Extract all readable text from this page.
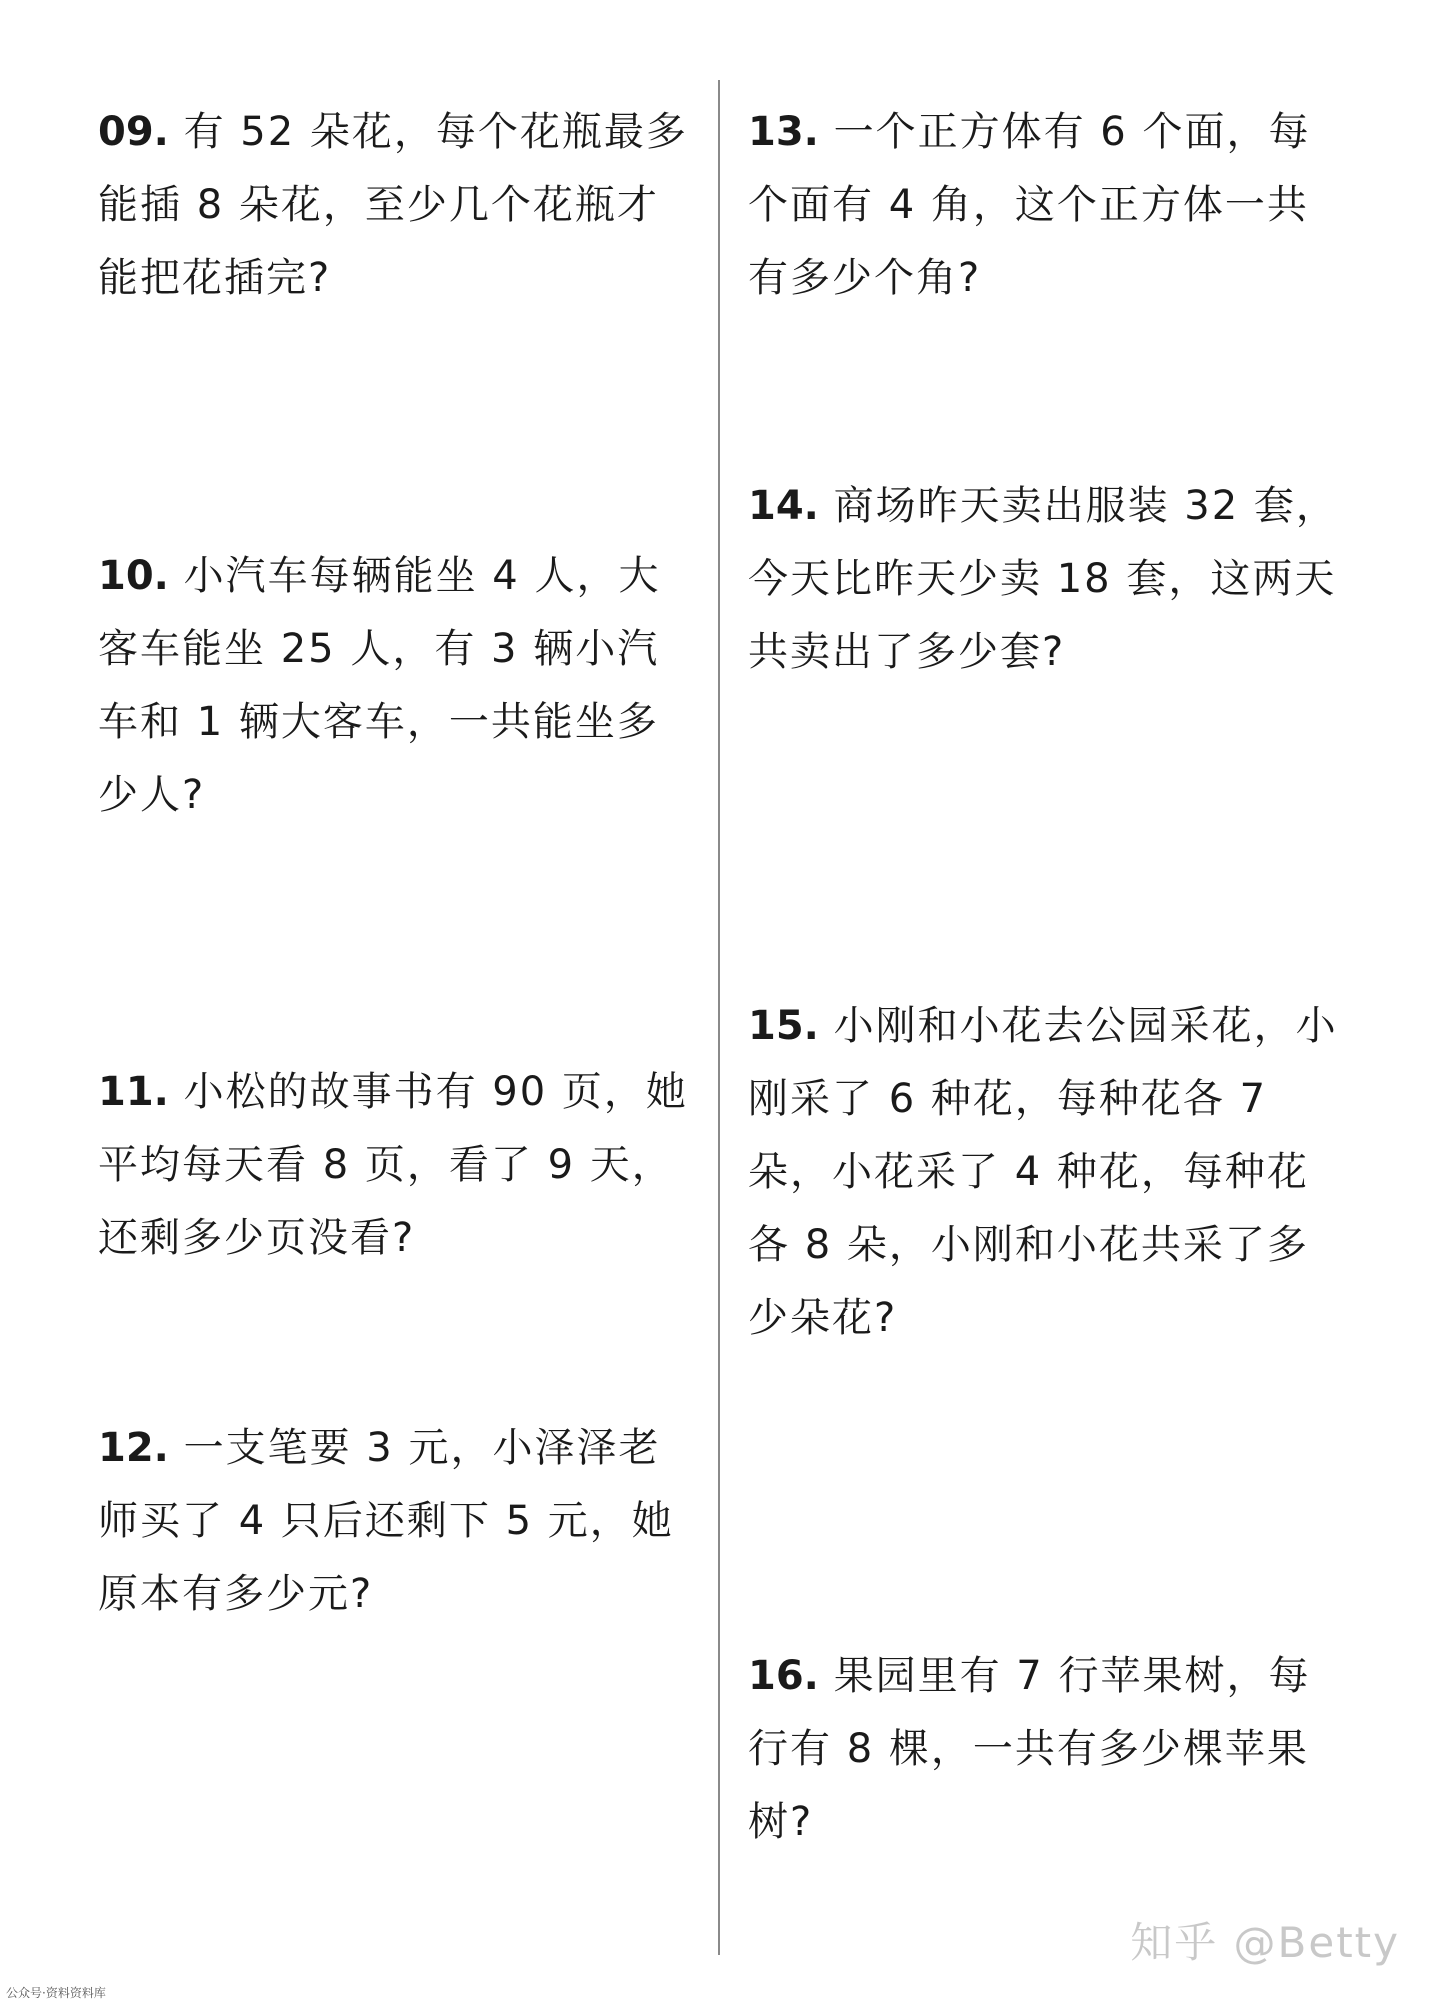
09. 有 52 朵花，每个花瓶最多能插 8 朵花，至少几个花瓶才能把花插完?

10. 小汽车每辆能坐 4 人，大客车能坐 25 人，有 3 辆小汽车和 1 辆大客车，一共能坐多少人?

11. 小松的故事书有 90 页，她平均每天看 8 页，看了 9 天，还剩多少页没看?

12. 一支笔要 3 元，小泽泽老师买了 4 只后还剩下 5 元，她原本有多少元?

13. 一个正方体有 6 个面，每个面有 4 角，这个正方体一共有多少个角?

14. 商场昨天卖出服装 32 套，今天比昨天少卖 18 套，这两天共卖出了多少套?

15. 小刚和小花去公园采花，小刚采了 6 种花，每种花各 7 朵，小花采了 4 种花，每种花各 8 朵，小刚和小花共采了多少朵花?

16. 果园里有 7 行苹果树，每行有 8 棵，一共有多少棵苹果树?

知乎 @Betty
公众号·资料资料库
